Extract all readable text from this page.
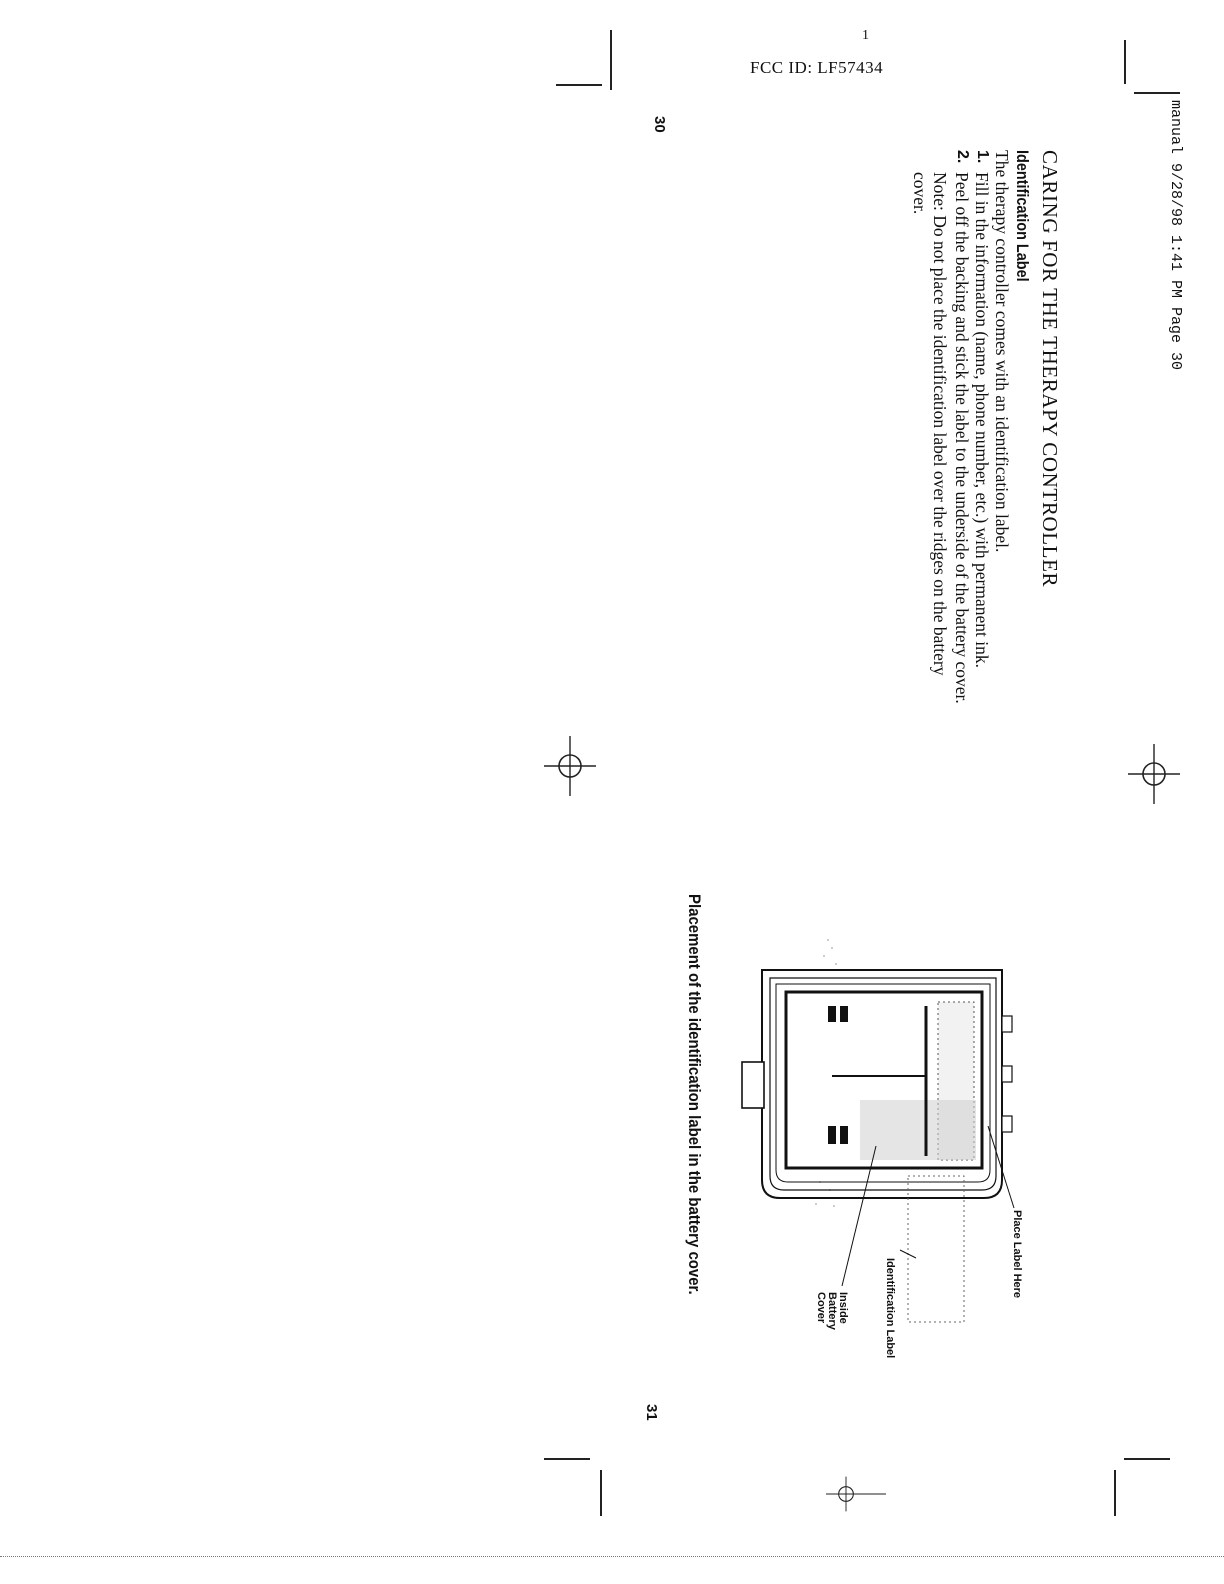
1
FCC ID: LF57434
manual 9/28/98 1:41 PM Page 30
30
31
CARING FOR THE THERAPY CONTROLLER
Identification Label

The therapy controller comes with an identification label.

1.
Fill in the information (name, phone number, etc.) with permanent ink.
2.
Peel off the backing and stick the label to the underside of the battery cover.

Note: Do not place the identification label over the ridges on the battery cover.

Place Label Here
Identification Label
Inside Battery Cover
Placement of the identification label in the battery cover.
